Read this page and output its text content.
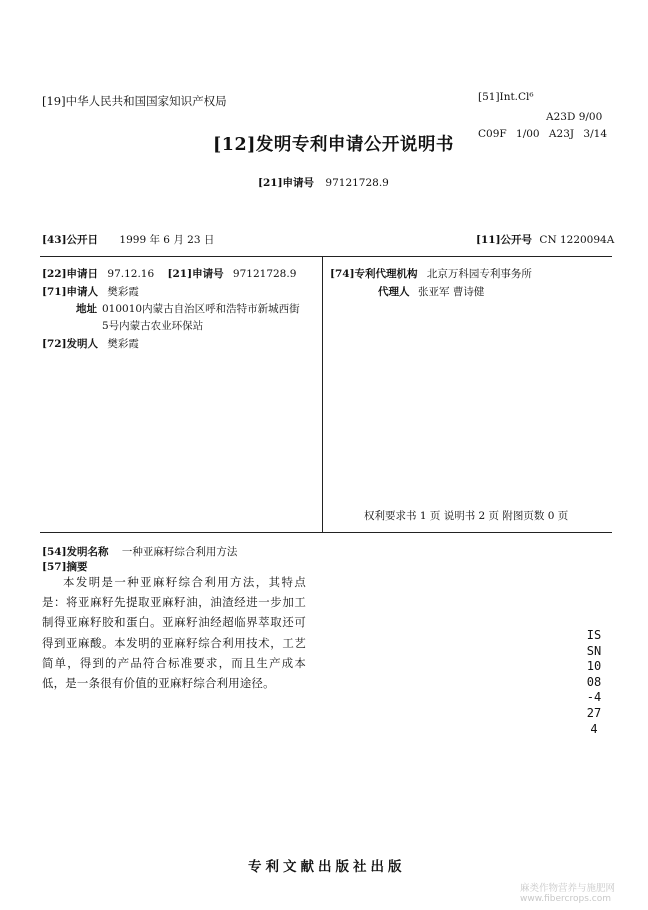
[19]中华人民共和国国家知识产权局
[12]发明专利申请公开说明书
[21]申请号 97121728.9
[51]Int.Cl⁶
A23D 9/00
C09F 1/00 A23J 3/14
[43]公开日 1999 年 6 月 23 日	[11]公开号 CN 1220094A
[22]申请日 97.12.16 [21]申请号 97121728.9
[71]申请人 樊彩霞
地址 010010内蒙古自治区呼和浩特市新城西街
5号内蒙古农业环保站
[72]发明人 樊彩霞
[74]专利代理机构 北京万科园专利事务所
代理人 张亚军 曹诗健
权利要求书 1 页 说明书 2 页 附图页数 0 页
[54]发明名称 一种亚麻籽综合利用方法
[57]摘要
本发明是一种亚麻籽综合利用方法，其特点是：将亚麻籽先提取亚麻籽油，油渣经进一步加工制得亚麻籽胶和蛋白。亚麻籽油经超临界萃取还可得到亚麻酸。本发明的亚麻籽综合利用技术，工艺简单，得到的产品符合标准要求，而且生产成本低，是一条很有价值的亚麻籽综合利用途径。
ISSN 1008-4274
专利文献出版社出版
麻类作物营养与施肥网
www.fibercrops.com
